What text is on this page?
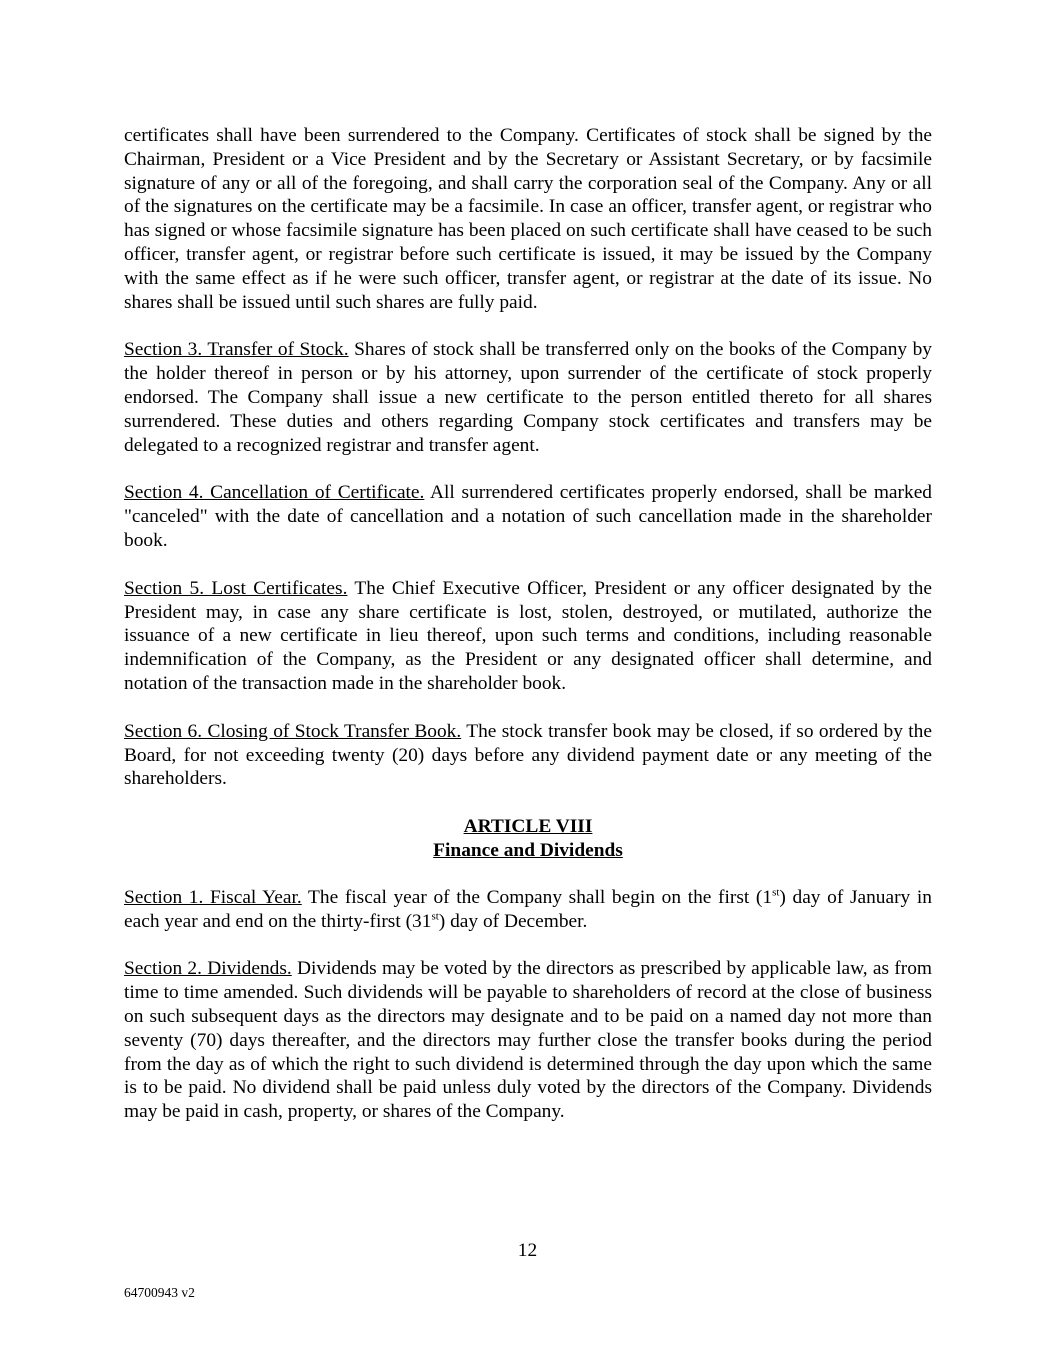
certificates shall have been surrendered to the Company. Certificates of stock shall be signed by the Chairman, President or a Vice President and by the Secretary or Assistant Secretary, or by facsimile signature of any or all of the foregoing, and shall carry the corporation seal of the Company. Any or all of the signatures on the certificate may be a facsimile. In case an officer, transfer agent, or registrar who has signed or whose facsimile signature has been placed on such certificate shall have ceased to be such officer, transfer agent, or registrar before such certificate is issued, it may be issued by the Company with the same effect as if he were such officer, transfer agent, or registrar at the date of its issue. No shares shall be issued until such shares are fully paid.

Section 3. Transfer of Stock. Shares of stock shall be transferred only on the books of the Company by the holder thereof in person or by his attorney, upon surrender of the certificate of stock properly endorsed. The Company shall issue a new certificate to the person entitled thereto for all shares surrendered. These duties and others regarding Company stock certificates and transfers may be delegated to a recognized registrar and transfer agent.

Section 4. Cancellation of Certificate. All surrendered certificates properly endorsed, shall be marked "canceled" with the date of cancellation and a notation of such cancellation made in the shareholder book.

Section 5. Lost Certificates. The Chief Executive Officer, President or any officer designated by the President may, in case any share certificate is lost, stolen, destroyed, or mutilated, authorize the issuance of a new certificate in lieu thereof, upon such terms and conditions, including reasonable indemnification of the Company, as the President or any designated officer shall determine, and notation of the transaction made in the shareholder book.

Section 6. Closing of Stock Transfer Book. The stock transfer book may be closed, if so ordered by the Board, for not exceeding twenty (20) days before any dividend payment date or any meeting of the shareholders.

ARTICLE VIII

Finance and Dividends

Section 1. Fiscal Year. The fiscal year of the Company shall begin on the first (1st) day of January in each year and end on the thirty-first (31st) day of December.

Section 2. Dividends. Dividends may be voted by the directors as prescribed by applicable law, as from time to time amended. Such dividends will be payable to shareholders of record at the close of business on such subsequent days as the directors may designate and to be paid on a named day not more than seventy (70) days thereafter, and the directors may further close the transfer books during the period from the day as of which the right to such dividend is determined through the day upon which the same is to be paid. No dividend shall be paid unless duly voted by the directors of the Company. Dividends may be paid in cash, property, or shares of the Company.

12
64700943 v2
